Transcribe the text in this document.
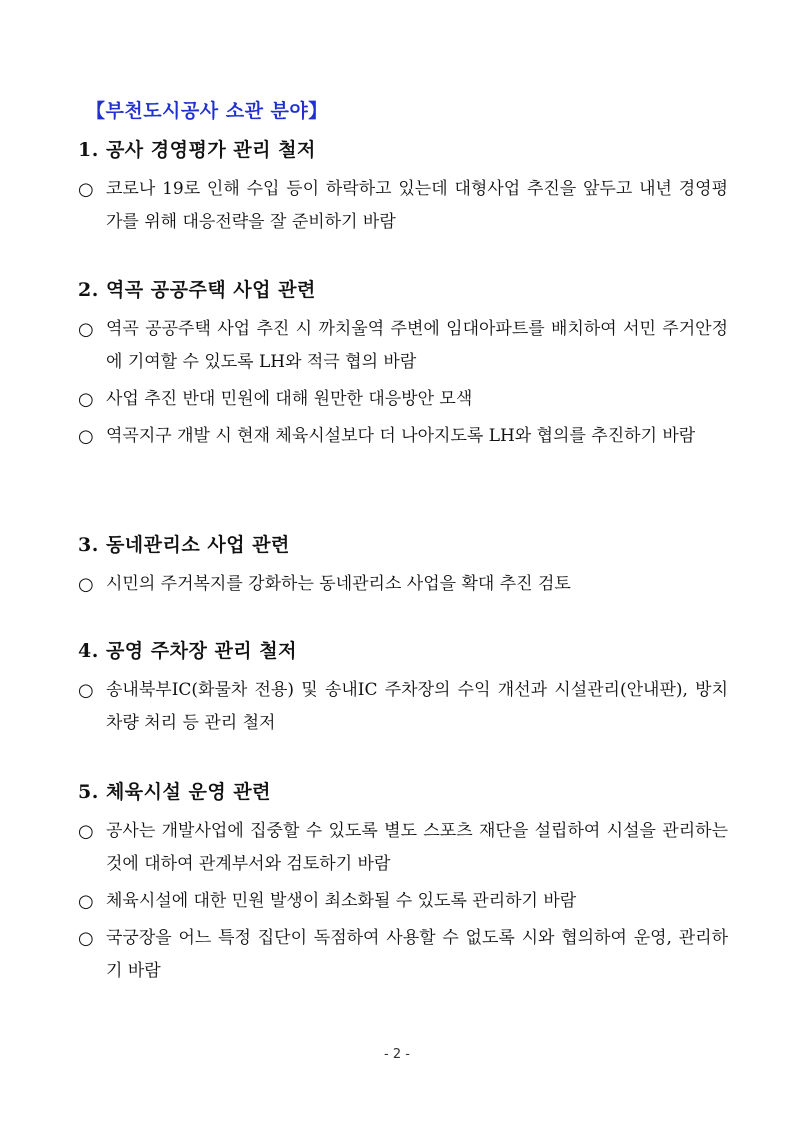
【부천도시공사 소관 분야】
1. 공사 경영평가 관리 철저
○ 코로나 19로 인해 수입 등이 하락하고 있는데 대형사업 추진을 앞두고 내년 경영평가를 위해 대응전략을 잘 준비하기 바람
2. 역곡 공공주택 사업 관련
○ 역곡 공공주택 사업 추진 시 까치울역 주변에 임대아파트를 배치하여 서민 주거안정에 기여할 수 있도록 LH와 적극 협의 바람
○ 사업 추진 반대 민원에 대해 원만한 대응방안 모색
○ 역곡지구 개발 시 현재 체육시설보다 더 나아지도록 LH와 협의를 추진하기 바람
3. 동네관리소 사업 관련
○ 시민의 주거복지를 강화하는 동네관리소 사업을 확대 추진 검토
4. 공영 주차장 관리 철저
○ 송내북부IC(화물차 전용) 및 송내IC 주차장의 수익 개선과 시설관리(안내판), 방치차량 처리 등 관리 철저
5. 체육시설 운영 관련
○ 공사는 개발사업에 집중할 수 있도록 별도 스포츠 재단을 설립하여 시설을 관리하는 것에 대하여 관계부서와 검토하기 바람
○ 체육시설에 대한 민원 발생이 최소화될 수 있도록 관리하기 바람
○ 국궁장을 어느 특정 집단이 독점하여 사용할 수 없도록 시와 협의하여 운영, 관리하기 바람
- 2 -
